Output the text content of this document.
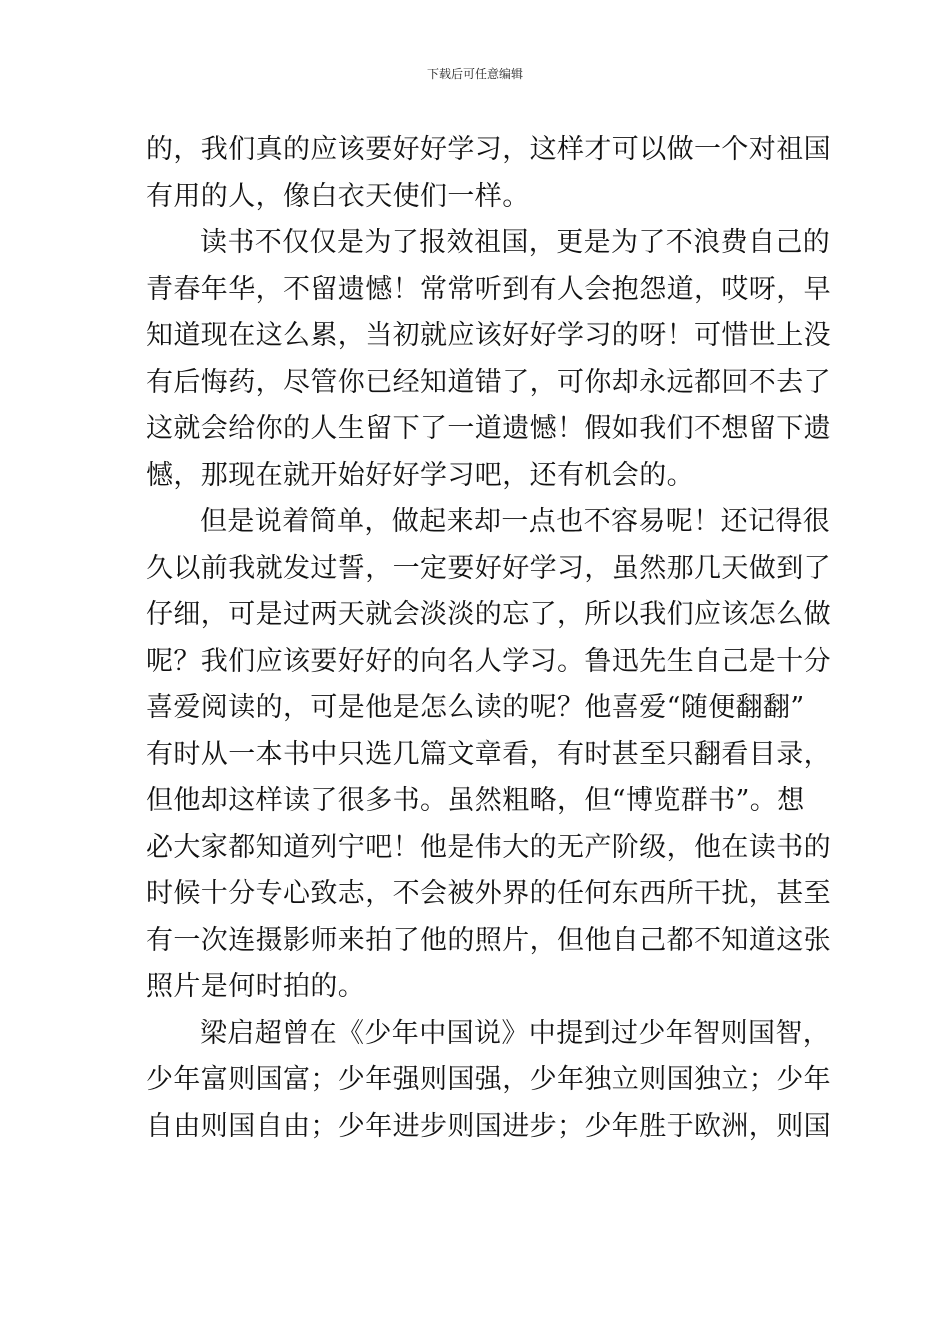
下载后可任意编辑
的，我们真的应该要好好学习，这样才可以做一个对祖国
有用的人，像白衣天使们一样。
读书不仅仅是为了报效祖国，更是为了不浪费自己的
青春年华，不留遗憾！常常听到有人会抱怨道，哎呀，早
知道现在这么累，当初就应该好好学习的呀！可惜世上没
有后悔药，尽管你已经知道错了，可你却永远都回不去了
这就会给你的人生留下了一道遗憾！假如我们不想留下遗
憾，那现在就开始好好学习吧，还有机会的。
但是说着简单，做起来却一点也不容易呢！还记得很
久以前我就发过誓，一定要好好学习，虽然那几天做到了
仔细，可是过两天就会淡淡的忘了，所以我们应该怎么做
呢？我们应该要好好的向名人学习。鲁迅先生自己是十分
喜爱阅读的，可是他是怎么读的呢？他喜爱“随便翻翻”
有时从一本书中只选几篇文章看，有时甚至只翻看目录，
但他却这样读了很多书。虽然粗略，但“博览群书”。想
必大家都知道列宁吧！他是伟大的无产阶级，他在读书的
时候十分专心致志，不会被外界的任何东西所干扰，甚至
有一次连摄影师来拍了他的照片，但他自己都不知道这张
照片是何时拍的。
梁启超曾在《少年中国说》中提到过少年智则国智，
少年富则国富；少年强则国强，少年独立则国独立；少年
自由则国自由；少年进步则国进步；少年胜于欧洲，则国
